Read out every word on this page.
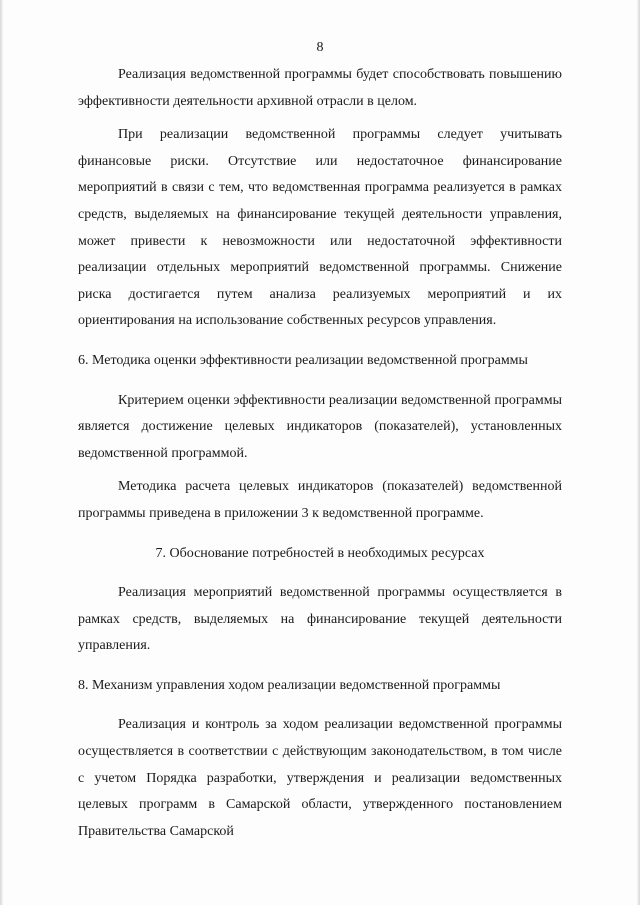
8

Реализация ведомственной программы будет способствовать повышению эффективности деятельности архивной отрасли в целом.

При реализации ведомственной программы следует учитывать финансовые риски. Отсутствие или недостаточное финансирование мероприятий в связи с тем, что ведомственная программа реализуется в рамках средств, выделяемых на финансирование текущей деятельности управления, может привести к невозможности или недостаточной эффективности реализации отдельных мероприятий ведомственной программы. Снижение риска достигается путем анализа реализуемых мероприятий и их ориентирования на использование собственных ресурсов управления.

6. Методика оценки эффективности реализации ведомственной программы

Критерием оценки эффективности реализации ведомственной программы является достижение целевых индикаторов (показателей), установленных ведомственной программой.

Методика расчета целевых индикаторов (показателей) ведомственной программы приведена в приложении 3 к ведомственной программе.

7. Обоснование потребностей в необходимых ресурсах

Реализация мероприятий ведомственной программы осуществляется в рамках средств, выделяемых на финансирование текущей деятельности управления.

8. Механизм управления ходом реализации ведомственной программы

Реализация и контроль за ходом реализации ведомственной программы осуществляется в соответствии с действующим законодательством, в том числе с учетом Порядка разработки, утверждения и реализации ведомственных целевых программ в Самарской области, утвержденного постановлением Правительства Самарской
